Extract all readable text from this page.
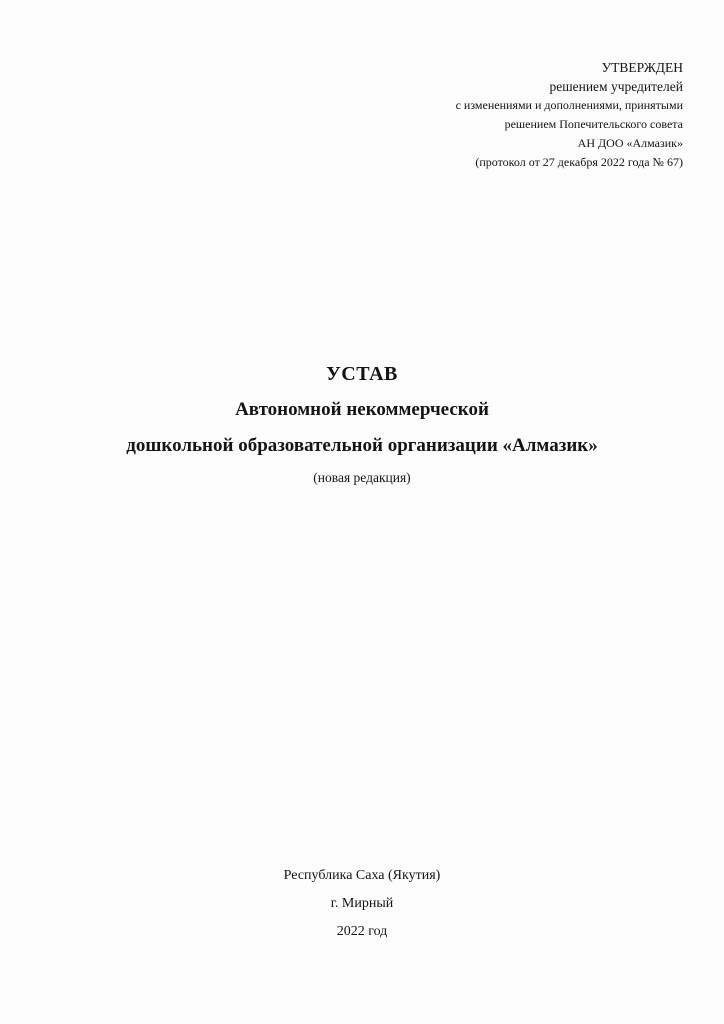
УТВЕРЖДЕН
решением учредителей
с изменениями и дополнениями, принятыми
решением Попечительского совета
АН ДОО «Алмазик»
(протокол от 27 декабря 2022 года № 67)
УСТАВ
Автономной некоммерческой
дошкольной образовательной организации «Алмазик»
(новая редакция)
Республика Саха (Якутия)
г. Мирный
2022 год
